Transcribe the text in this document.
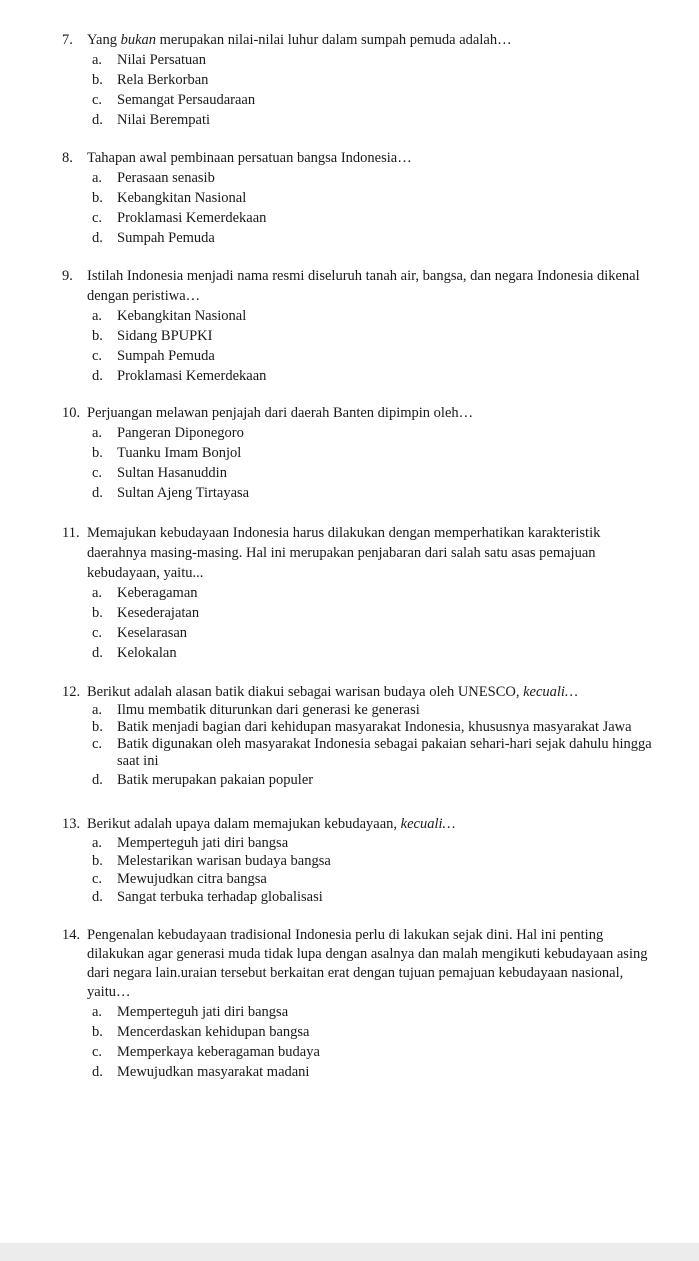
7. Yang bukan merupakan nilai-nilai luhur dalam sumpah pemuda adalah…
a. Nilai Persatuan
b. Rela Berkorban
c. Semangat Persaudaraan
d. Nilai Berempati
8. Tahapan awal pembinaan persatuan bangsa Indonesia…
a. Perasaan senasib
b. Kebangkitan Nasional
c. Proklamasi Kemerdekaan
d. Sumpah Pemuda
9. Istilah Indonesia menjadi nama resmi diseluruh tanah air, bangsa, dan negara Indonesia dikenal
dengan peristiwa…
a. Kebangkitan Nasional
b. Sidang BPUPKI
c. Sumpah Pemuda
d. Proklamasi Kemerdekaan
10. Perjuangan melawan penjajah dari daerah Banten dipimpin oleh…
a. Pangeran Diponegoro
b. Tuanku Imam Bonjol
c. Sultan Hasanuddin
d. Sultan Ajeng Tirtayasa
11. Memajukan kebudayaan Indonesia harus dilakukan dengan memperhatikan karakteristik
daerahnya masing-masing. Hal ini merupakan penjabaran dari salah satu asas pemajuan
kebudayaan, yaitu...
a. Keberagaman
b. Kesederajatan
c. Keselarasan
d. Kelokalan
12. Berikut adalah alasan batik diakui sebagai warisan budaya oleh UNESCO, kecuali…
a. Ilmu membatik diturunkan dari generasi ke generasi
b. Batik menjadi bagian dari kehidupan masyarakat Indonesia, khususnya masyarakat Jawa
c. Batik digunakan oleh masyarakat Indonesia sebagai pakaian sehari-hari sejak dahulu hingga
saat ini
d. Batik merupakan pakaian populer
13. Berikut adalah upaya dalam memajukan kebudayaan, kecuali…
a. Memperteguh jati diri bangsa
b. Melestarikan warisan budaya bangsa
c. Mewujudkan citra bangsa
d. Sangat terbuka terhadap globalisasi
14. Pengenalan kebudayaan tradisional Indonesia perlu di lakukan sejak dini. Hal ini penting
dilakukan agar generasi muda tidak lupa dengan asalnya dan malah mengikuti kebudayaan asing
dari negara lain.uraian tersebut berkaitan erat dengan tujuan pemajuan kebudayaan nasional,
yaitu…
a. Memperteguh jati diri bangsa
b. Mencerdaskan kehidupan bangsa
c. Memperkaya keberagaman budaya
d. Mewujudkan masyarakat madani
